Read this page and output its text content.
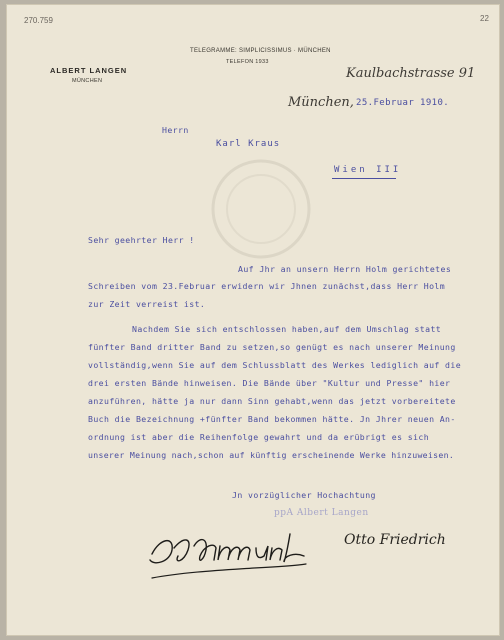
270.759	22
ALBERT LANGEN
MÜNCHEN
TELEGRAMME: SIMPLICISSIMUS · MÜNCHEN
TELEFON 1933
Kaulbachstrasse 91
München, 25.Februar 1910.
Herrn
Karl Kraus
Wien III
Sehr geehrter Herr !
Auf Jhr an unsern Herrn Holm gerichtetes
Schreiben vom 23.Februar erwidern wir Jhnen zunächst,dass Herr Holm
zur Zeit verreist ist.
Nachdem Sie sich entschlossen haben,auf dem Umschlag statt
fünfter Band dritter Band zu setzen,so genügt es nach unserer Meinung
vollständig,wenn Sie auf dem Schlussblatt des Werkes lediglich auf die
drei ersten Bände hinweisen. Die Bände über "Kultur und Presse" hier
anzuführen, hätte ja nur dann Sinn gehabt,wenn das jetzt vorbereitete
Buch die Bezeichnung +fünfter Band bekommen hätte. Jn Jhrer neuen An-
ordnung ist aber die Reihenfolge gewahrt und da erübrigt es sich
unserer Meinung nach,schon auf künftig erscheinende Werke hinzuweisen.
Jn vorzüglicher Hochachtung
ppA Albert Langen
Otto Friedrich
